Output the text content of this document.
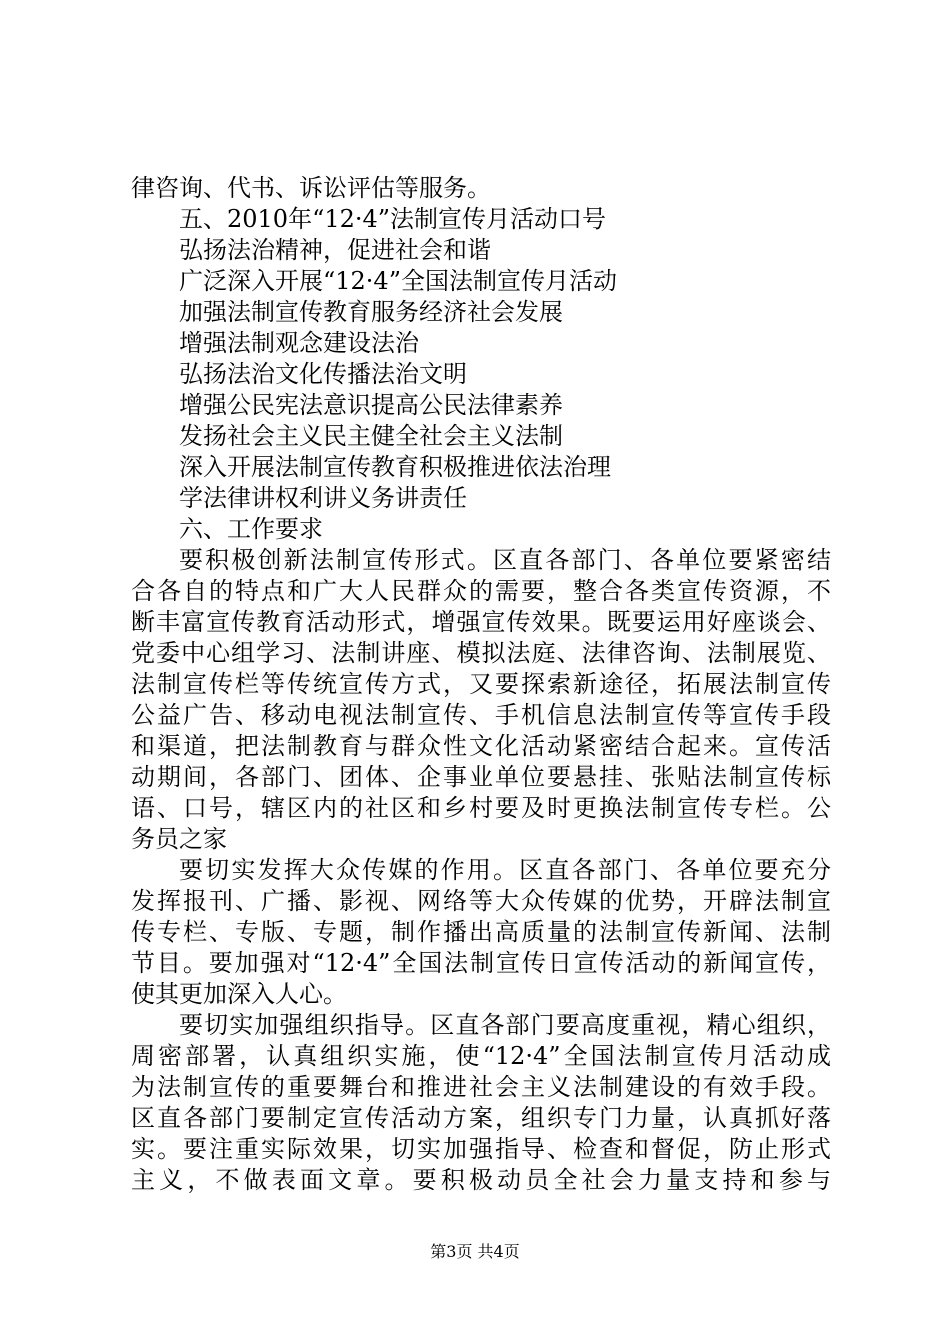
律咨询、代书、诉讼评估等服务。
五、2010年“12·4”法制宣传月活动口号
弘扬法治精神，促进社会和谐
广泛深入开展“12·4”全国法制宣传月活动
加强法制宣传教育服务经济社会发展
增强法制观念建设法治
弘扬法治文化传播法治文明
增强公民宪法意识提高公民法律素养
发扬社会主义民主健全社会主义法制
深入开展法制宣传教育积极推进依法治理
学法律讲权利讲义务讲责任
六、工作要求
要积极创新法制宣传形式。区直各部门、各单位要紧密结
合各自的特点和广大人民群众的需要，整合各类宣传资源，不
断丰富宣传教育活动形式，增强宣传效果。既要运用好座谈会、
党委中心组学习、法制讲座、模拟法庭、法律咨询、法制展览、
法制宣传栏等传统宣传方式，又要探索新途径，拓展法制宣传
公益广告、移动电视法制宣传、手机信息法制宣传等宣传手段
和渠道，把法制教育与群众性文化活动紧密结合起来。宣传活
动期间，各部门、团体、企事业单位要悬挂、张贴法制宣传标
语、口号，辖区内的社区和乡村要及时更换法制宣传专栏。公
务员之家
要切实发挥大众传媒的作用。区直各部门、各单位要充分
发挥报刊、广播、影视、网络等大众传媒的优势，开辟法制宣
传专栏、专版、专题，制作播出高质量的法制宣传新闻、法制
节目。要加强对“12·4”全国法制宣传日宣传活动的新闻宣传，
使其更加深入人心。
要切实加强组织指导。区直各部门要高度重视，精心组织，
周密部署，认真组织实施，使“12·4”全国法制宣传月活动成
为法制宣传的重要舞台和推进社会主义法制建设的有效手段。
区直各部门要制定宣传活动方案，组织专门力量，认真抓好落
实。要注重实际效果，切实加强指导、检查和督促，防止形式
主义，不做表面文章。要积极动员全社会力量支持和参与
第3页 共4页
